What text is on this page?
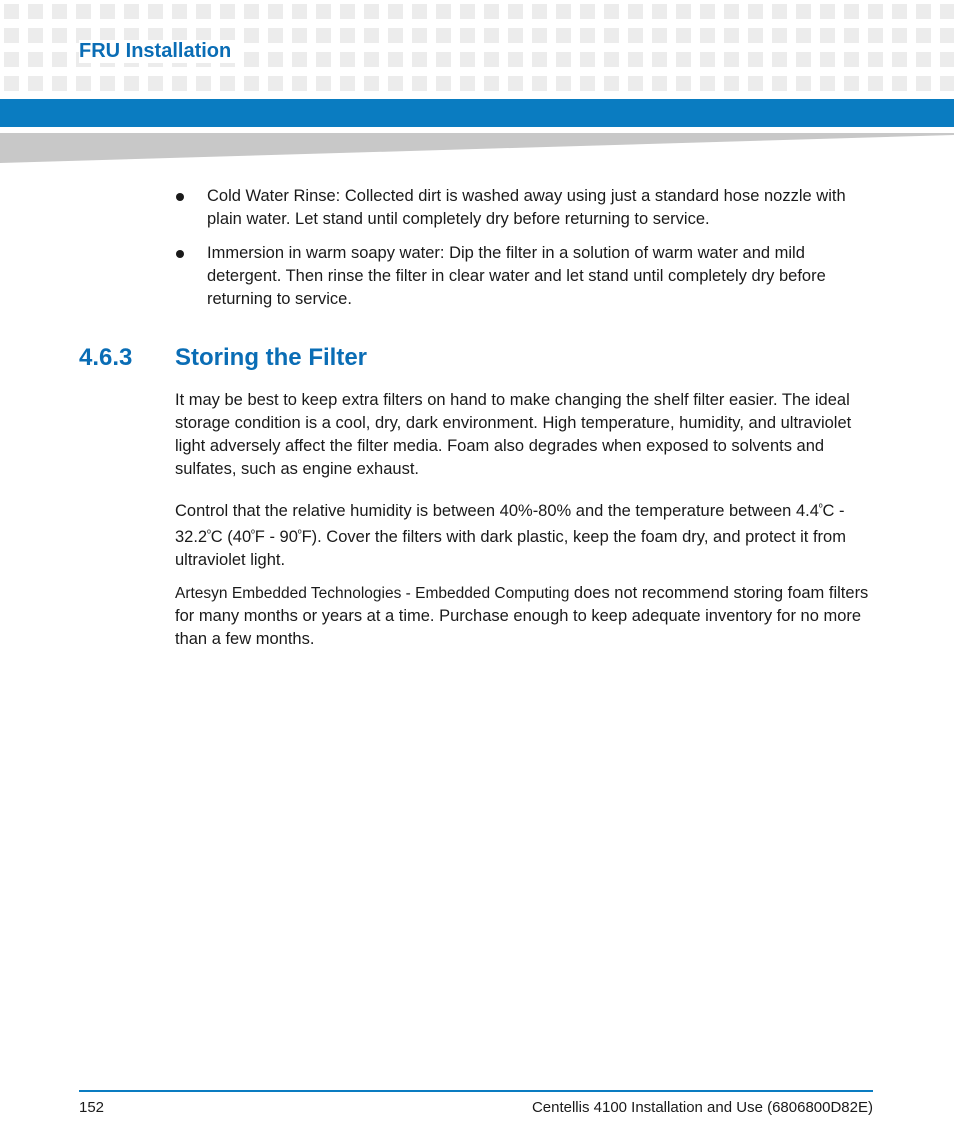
FRU Installation
Cold Water Rinse: Collected dirt is washed away using just a standard hose nozzle with plain water. Let stand until completely dry before returning to service.
Immersion in warm soapy water: Dip the filter in a solution of warm water and mild detergent. Then rinse the filter in clear water and let stand until completely dry before returning to service.
4.6.3 Storing the Filter
It may be best to keep extra filters on hand to make changing the shelf filter easier. The ideal storage condition is a cool, dry, dark environment. High temperature, humidity, and ultraviolet light adversely affect the filter media. Foam also degrades when exposed to solvents and sulfates, such as engine exhaust.
Control that the relative humidity is between 40%-80% and the temperature between $4.4^ºC - 32.2^ºC$ $(40^ºF - 90^ºF)$. Cover the filters with dark plastic, keep the foam dry, and protect it from ultraviolet light.
Artesyn Embedded Technologies - Embedded Computing does not recommend storing foam filters for many months or years at a time. Purchase enough to keep adequate inventory for no more than a few months.
152	Centellis 4100 Installation and Use (6806800D82E)
